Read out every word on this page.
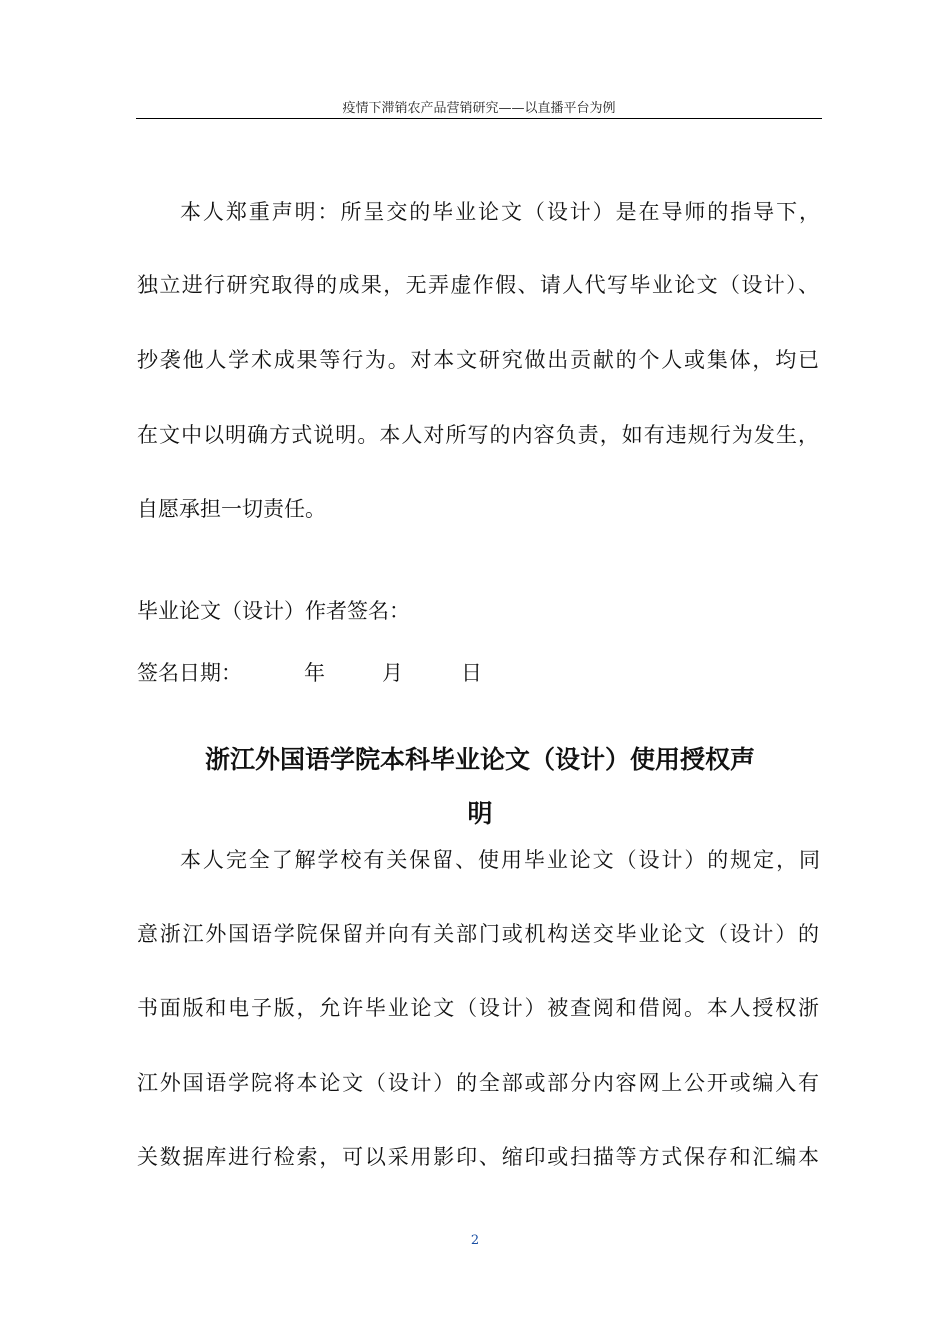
疫情下滞销农产品营销研究——以直播平台为例
本人郑重声明：所呈交的毕业论文（设计）是在导师的指导下，
独立进行研究取得的成果，无弄虚作假、请人代写毕业论文（设计）、
抄袭他人学术成果等行为。对本文研究做出贡献的个人或集体，均已
在文中以明确方式说明。本人对所写的内容负责，如有违规行为发生，
自愿承担一切责任。
毕业论文（设计）作者签名：
签名日期：	年	月	日
浙江外国语学院本科毕业论文（设计）使用授权声
明
本人完全了解学校有关保留、使用毕业论文（设计）的规定，同
意浙江外国语学院保留并向有关部门或机构送交毕业论文（设计）的
书面版和电子版，允许毕业论文（设计）被查阅和借阅。本人授权浙
江外国语学院将本论文（设计）的全部或部分内容网上公开或编入有
关数据库进行检索，可以采用影印、缩印或扫描等方式保存和汇编本
2
